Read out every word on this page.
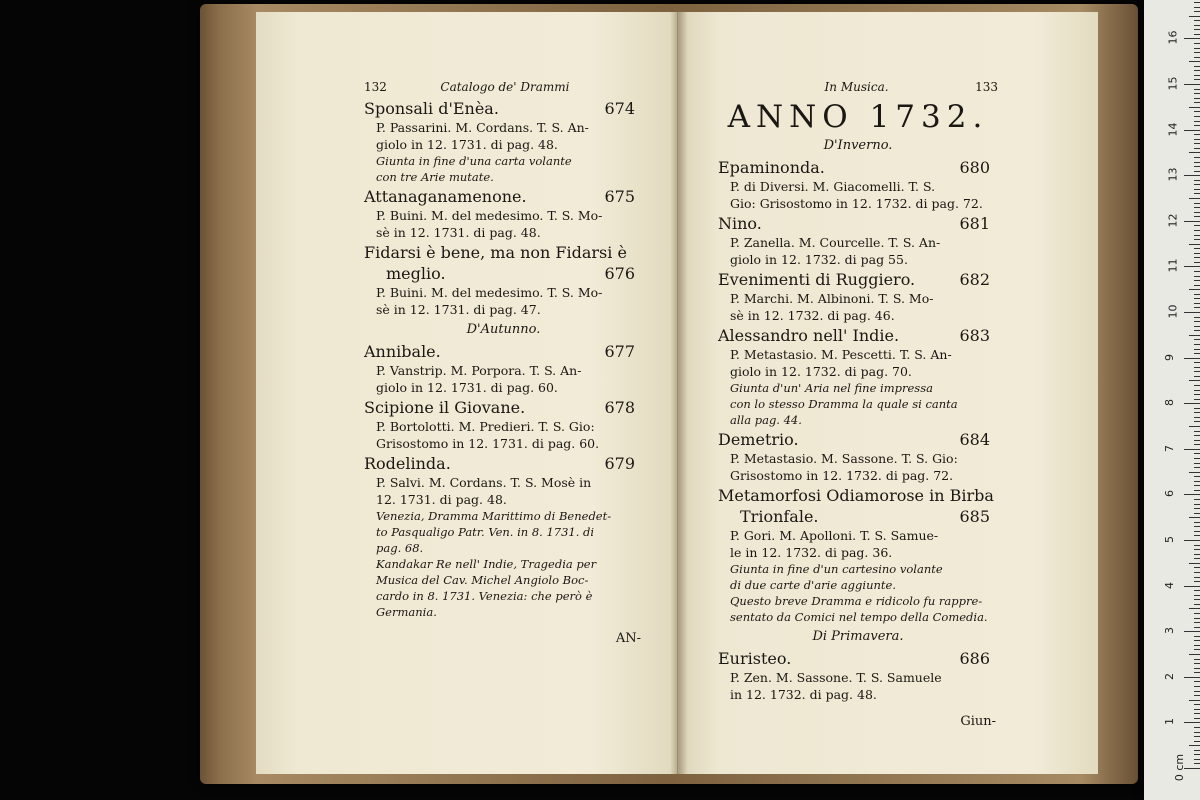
132	Catalogo de' Drammi
Sponsali d'Enèa.	674
P. Passarini. M. Cordans. T. S. An-
giolo in 12. 1731. di pag. 48.
Giunta in fine d'una carta volante
con tre Arie mutate.
Attanaganamenone.	675
P. Buini. M. del medesimo. T. S. Mo-
sè in 12. 1731. di pag. 48.
Fidarsi è bene, ma non Fidarsi è
meglio.	676
P. Buini. M. del medesimo. T. S. Mo-
sè in 12. 1731. di pag. 47.
D'Autunno.
Annibale.	677
P. Vanstrip. M. Porpora. T. S. An-
giolo in 12. 1731. di pag. 60.
Scipione il Giovane.	678
P. Bortolotti. M. Predieri. T. S. Gio:
Grisostomo in 12. 1731. di pag. 60.
Rodelinda.	679
P. Salvi. M. Cordans. T. S. Mosè in
12. 1731. di pag. 48.
Venezia, Dramma Marittimo di Benedet-
to Pasqualigo Patr. Ven. in 8. 1731. di
pag. 68.
Kandakar Re nell' Indie, Tragedia per
Musica del Cav. Michel Angiolo Boc-
cardo in 8. 1731. Venezia: che però è
Germania.
AN-
In Musica.	133
ANNO 1732.
D'Inverno.
Epaminonda.	680
P. di Diversi. M. Giacomelli. T. S.
Gio: Grisostomo in 12. 1732. di pag. 72.
Nino.	681
P. Zanella. M. Courcelle. T. S. An-
giolo in 12. 1732. di pag 55.
Evenimenti di Ruggiero.	682
P. Marchi. M. Albinoni. T. S. Mo-
sè in 12. 1732. di pag. 46.
Alessandro nell' Indie.	683
P. Metastasio. M. Pescetti. T. S. An-
giolo in 12. 1732. di pag. 70.
Giunta d'un' Aria nel fine impressa
con lo stesso Dramma la quale si canta
alla pag. 44.
Demetrio.	684
P. Metastasio. M. Sassone. T. S. Gio:
Grisostomo in 12. 1732. di pag. 72.
Metamorfosi Odiamorose in Birba
Trionfale.	685
P. Gori. M. Apolloni. T. S. Samue-
le in 12. 1732. di pag. 36.
Giunta in fine d'un cartesino volante
di due carte d'arie aggiunte.
Questo breve Dramma e ridicolo fu rappre-
sentato da Comici nel tempo della Comedia.
Di Primavera.
Euristeo.	686
P. Zen. M. Sassone. T. S. Samuele
in 12. 1732. di pag. 48.
Giun-
0 cm
1
2
3
4
5
6
7
8
9
10
11
12
13
14
15
16
